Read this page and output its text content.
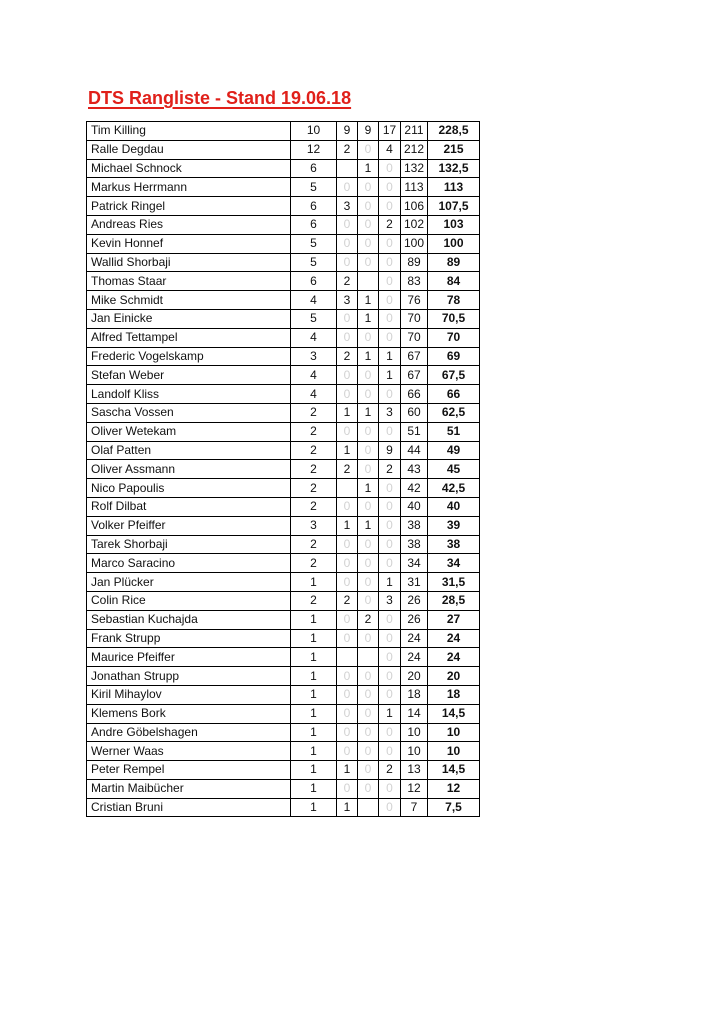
DTS Rangliste - Stand 19.06.18
Tim Killing	10	9	9	17	211	228,5
Ralle Degdau	12	2	0	4	212	215
Michael Schnock	6		1	0	132	132,5
Markus Herrmann	5	0	0	0	113	113
Patrick Ringel	6	3	0	0	106	107,5
Andreas Ries	6	0	0	2	102	103
Kevin Honnef	5	0	0	0	100	100
Wallid Shorbaji	5	0	0	0	89	89
Thomas Staar	6	2		0	83	84
Mike Schmidt	4	3	1	0	76	78
Jan Einicke	5	0	1	0	70	70,5
Alfred Tettampel	4	0	0	0	70	70
Frederic Vogelskamp	3	2	1	1	67	69
Stefan Weber	4	0	0	1	67	67,5
Landolf Kliss	4	0	0	0	66	66
Sascha Vossen	2	1	1	3	60	62,5
Oliver Wetekam	2	0	0	0	51	51
Olaf Patten	2	1	0	9	44	49
Oliver Assmann	2	2	0	2	43	45
Nico Papoulis	2		1	0	42	42,5
Rolf Dilbat	2	0	0	0	40	40
Volker Pfeiffer	3	1	1	0	38	39
Tarek Shorbaji	2	0	0	0	38	38
Marco Saracino	2	0	0	0	34	34
Jan Plücker	1	0	0	1	31	31,5
Colin Rice	2	2	0	3	26	28,5
Sebastian Kuchajda	1	0	2	0	26	27
Frank Strupp	1	0	0	0	24	24
Maurice Pfeiffer	1			0	24	24
Jonathan Strupp	1	0	0	0	20	20
Kiril Mihaylov	1	0	0	0	18	18
Klemens Bork	1	0	0	1	14	14,5
Andre Göbelshagen	1	0	0	0	10	10
Werner Waas	1	0	0	0	10	10
Peter Rempel	1	1	0	2	13	14,5
Martin Maibücher	1	0	0	0	12	12
Cristian Bruni	1	1		0	7	7,5
